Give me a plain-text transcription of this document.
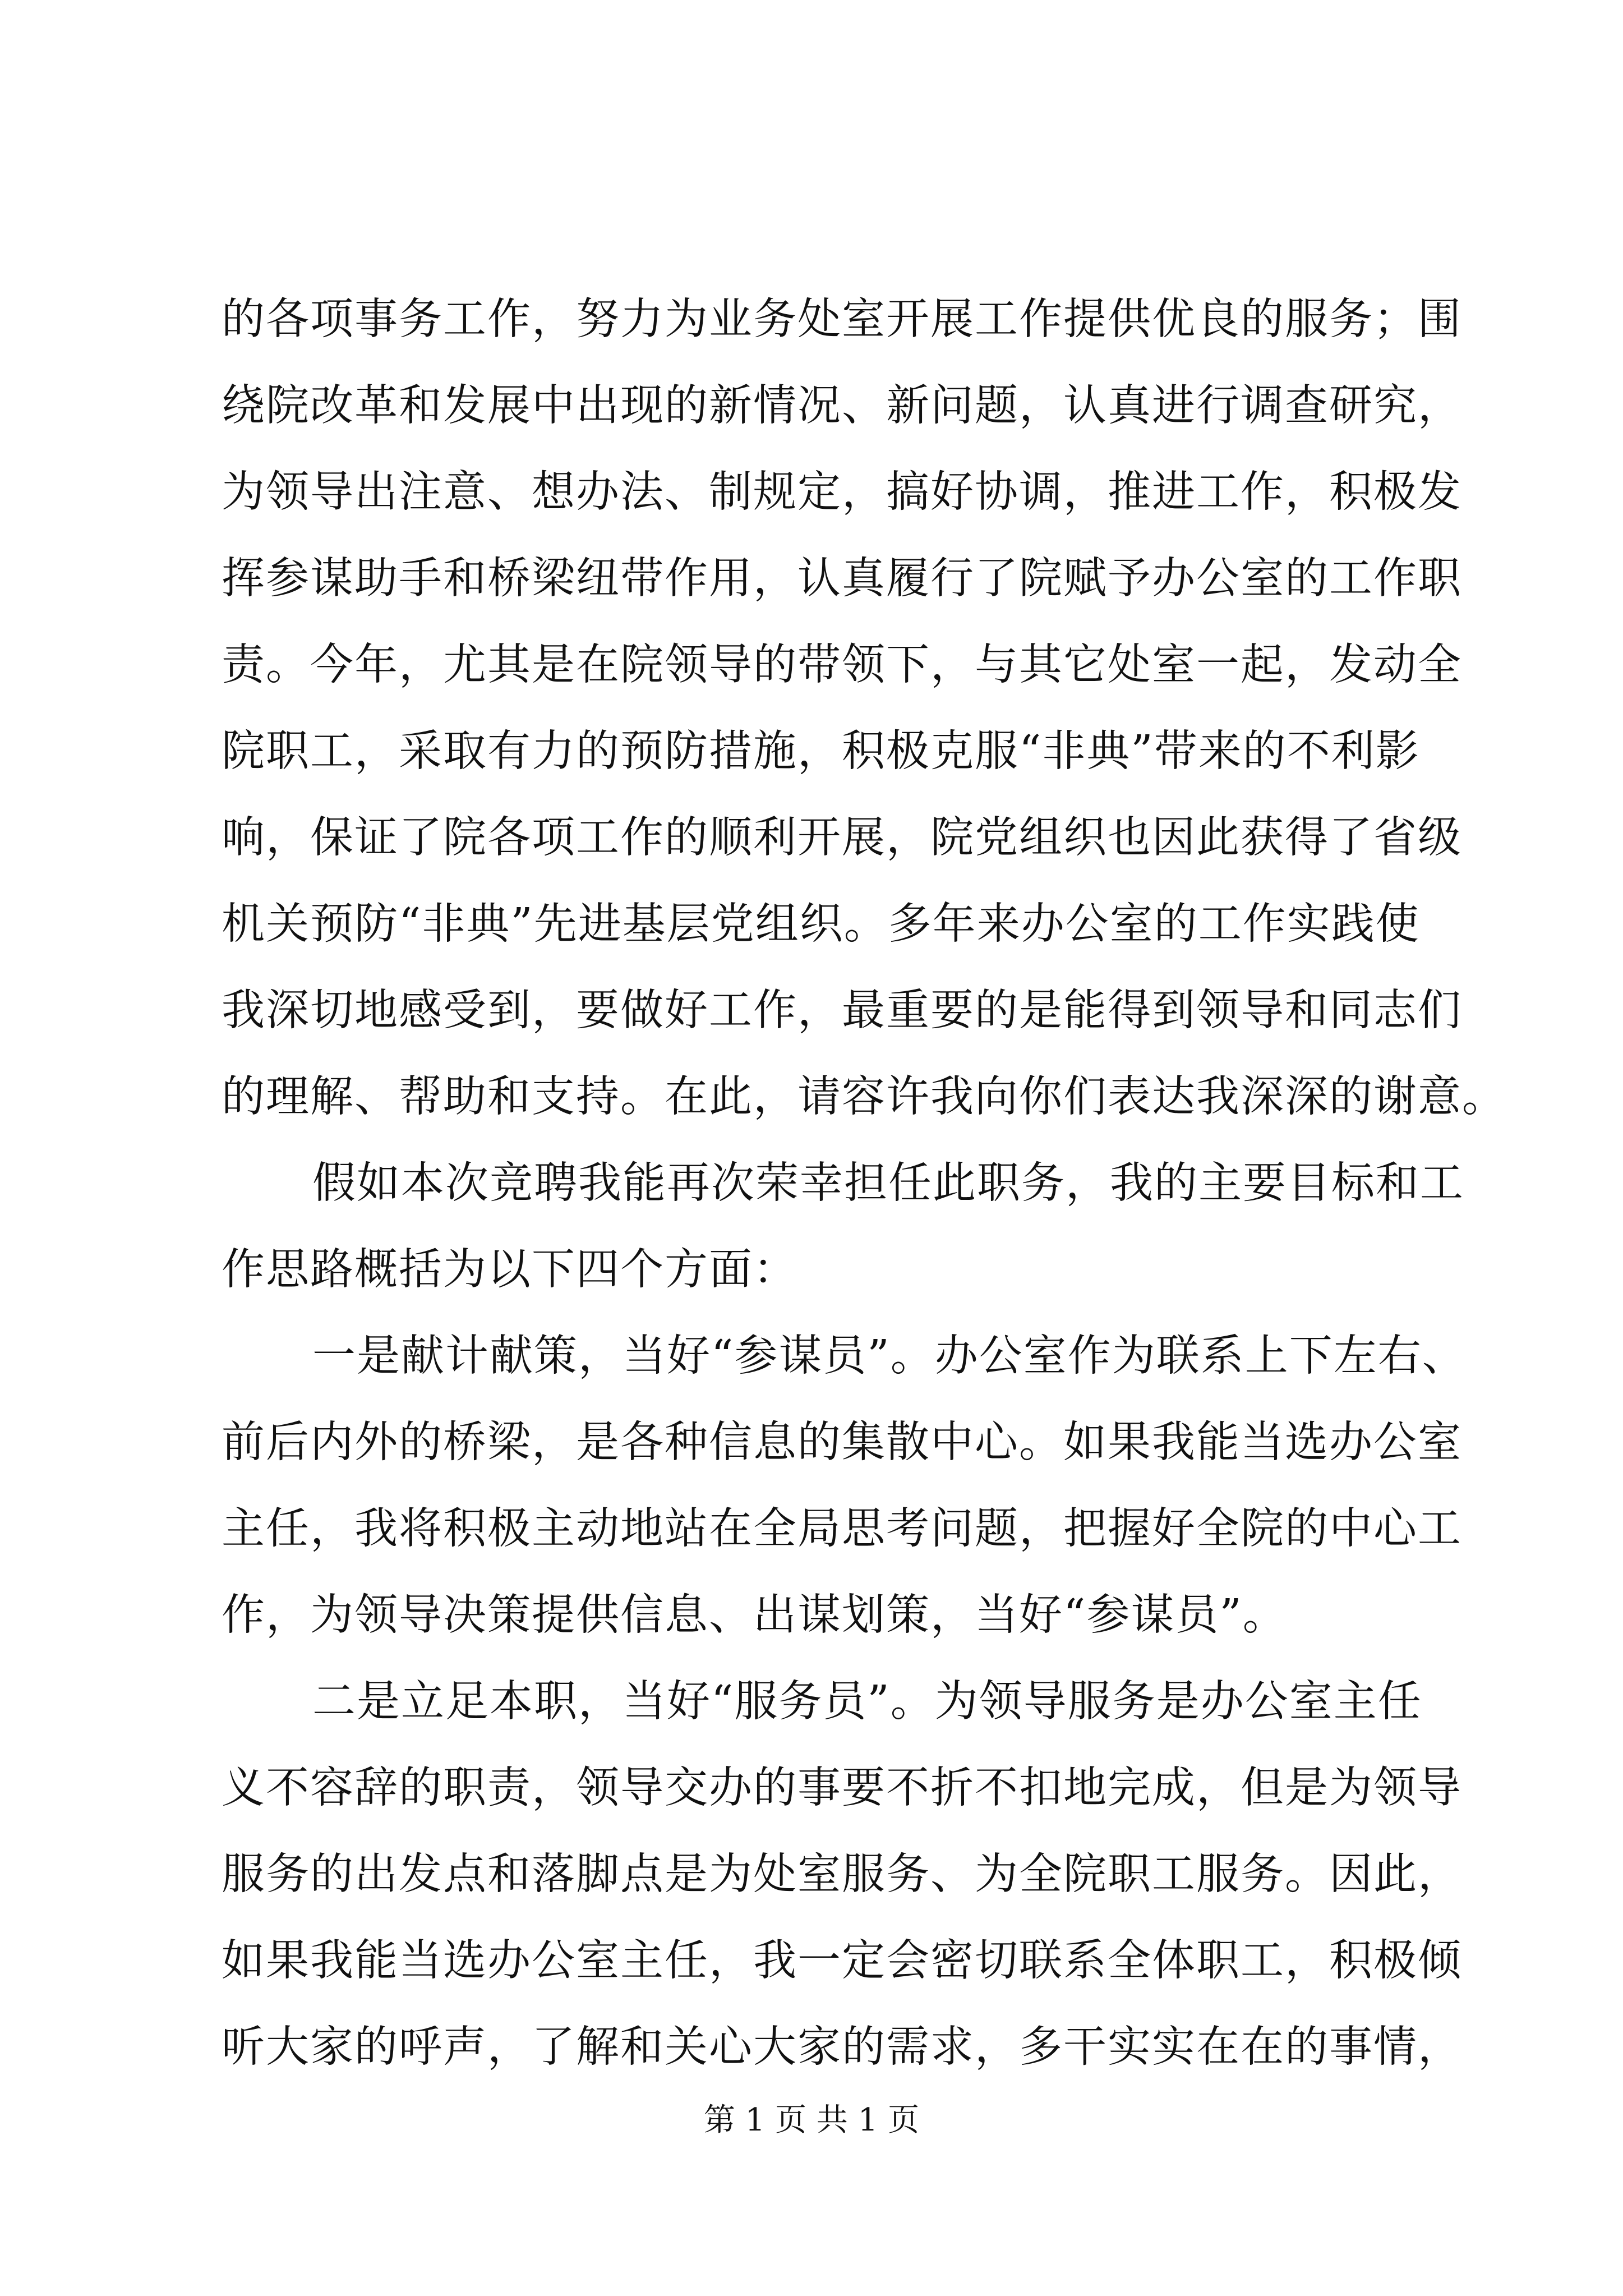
的各项事务工作，努力为业务处室开展工作提供优良的服务；围
绕院改革和发展中出现的新情况、新问题，认真进行调查研究，
为领导出注意、想办法、制规定，搞好协调，推进工作，积极发
挥参谋助手和桥梁纽带作用，认真履行了院赋予办公室的工作职
责。今年，尤其是在院领导的带领下，与其它处室一起，发动全
院职工，采取有力的预防措施，积极克服“非典”带来的不利影
响，保证了院各项工作的顺利开展，院党组织也因此获得了省级
机关预防“非典”先进基层党组织。多年来办公室的工作实践使
我深切地感受到，要做好工作，最重要的是能得到领导和同志们
的理解、帮助和支持。在此，请容许我向你们表达我深深的谢意。
假如本次竞聘我能再次荣幸担任此职务，我的主要目标和工
作思路概括为以下四个方面：
一是献计献策，当好“参谋员”。办公室作为联系上下左右、
前后内外的桥梁，是各种信息的集散中心。如果我能当选办公室
主任，我将积极主动地站在全局思考问题，把握好全院的中心工
作，为领导决策提供信息、出谋划策，当好“参谋员”。
二是立足本职，当好“服务员”。为领导服务是办公室主任
义不容辞的职责，领导交办的事要不折不扣地完成，但是为领导
服务的出发点和落脚点是为处室服务、为全院职工服务。因此，
如果我能当选办公室主任，我一定会密切联系全体职工，积极倾
听大家的呼声，了解和关心大家的需求，多干实实在在的事情，
第 1 页 共 1 页
